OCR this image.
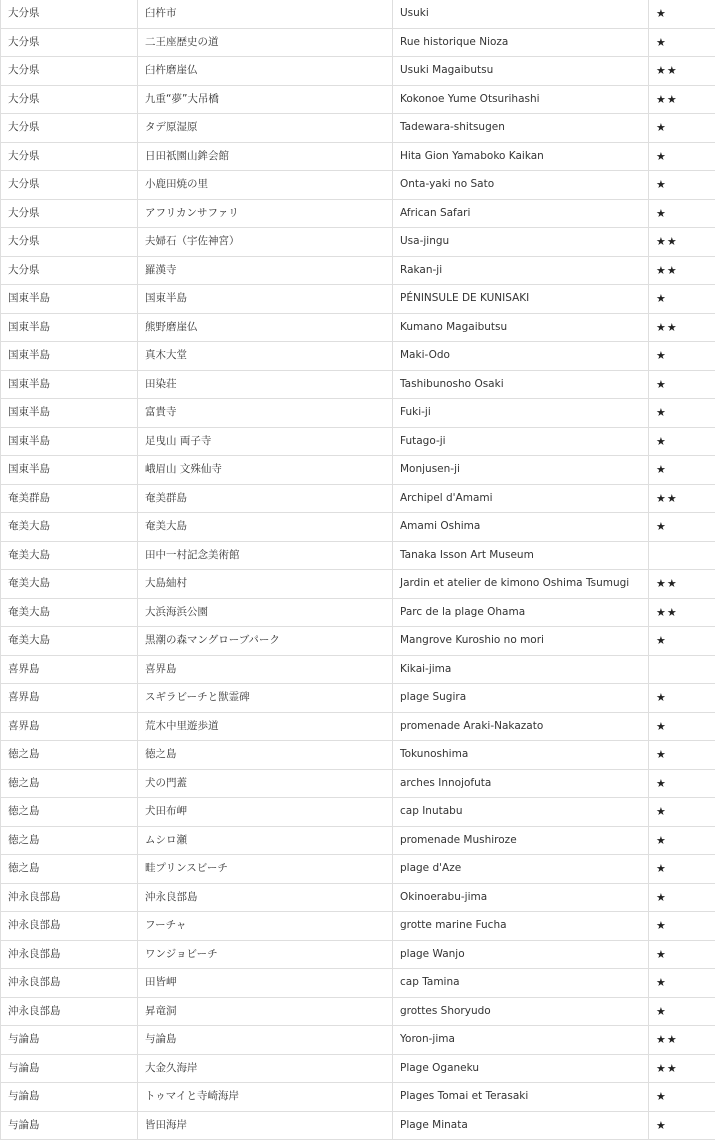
大分県	臼杵市	Usuki	★
大分県	二王座歴史の道	Rue historique Nioza	★
大分県	臼杵磨崖仏	Usuki Magaibutsu	★★
大分県	九重“夢”大吊橋	Kokonoe Yume Otsurihashi	★★
大分県	タデ原湿原	Tadewara-shitsugen	★
大分県	日田祇園山鉾会館	Hita Gion Yamaboko Kaikan	★
大分県	小鹿田焼の里	Onta-yaki no Sato	★
大分県	アフリカンサファリ	African Safari	★
大分県	夫婦石（宇佐神宮）	Usa-jingu	★★
大分県	羅漢寺	Rakan-ji	★★
国東半島	国東半島	PÉNINSULE DE KUNISAKI	★
国東半島	熊野磨崖仏	Kumano Magaibutsu	★★
国東半島	真木大堂	Maki-Odo	★
国東半島	田染荘	Tashibunosho Osaki	★
国東半島	富貴寺	Fuki-ji	★
国東半島	足曳山 両子寺	Futago-ji	★
国東半島	峨眉山 文殊仙寺	Monjusen-ji	★
奄美群島	奄美群島	Archipel d'Amami	★★
奄美大島	奄美大島	Amami Oshima	★
奄美大島	田中一村記念美術館	Tanaka Isson Art Museum	
奄美大島	大島紬村	Jardin et atelier de kimono Oshima Tsumugi	★★
奄美大島	大浜海浜公園	Parc de la plage Ohama	★★
奄美大島	黒潮の森マングローブパーク	Mangrove Kuroshio no mori	★
喜界島	喜界島	Kikai-jima	
喜界島	スギラビーチと獣霊碑	plage Sugira	★
喜界島	荒木中里遊歩道	promenade Araki-Nakazato	★
徳之島	徳之島	Tokunoshima	★
徳之島	犬の門蓋	arches Innojofuta	★
徳之島	犬田布岬	cap Inutabu	★
徳之島	ムシロ瀬	promenade Mushiroze	★
徳之島	畦プリンスビーチ	plage d'Aze	★
沖永良部島	沖永良部島	Okinoerabu-jima	★
沖永良部島	フーチャ	grotte marine Fucha	★
沖永良部島	ワンジョビーチ	plage Wanjo	★
沖永良部島	田皆岬	cap Tamina	★
沖永良部島	昇竜洞	grottes Shoryudo	★
与論島	与論島	Yoron-jima	★★
与論島	大金久海岸	Plage Oganeku	★★
与論島	トゥマイと寺崎海岸	Plages Tomai et Terasaki	★
与論島	皆田海岸	Plage Minata	★
